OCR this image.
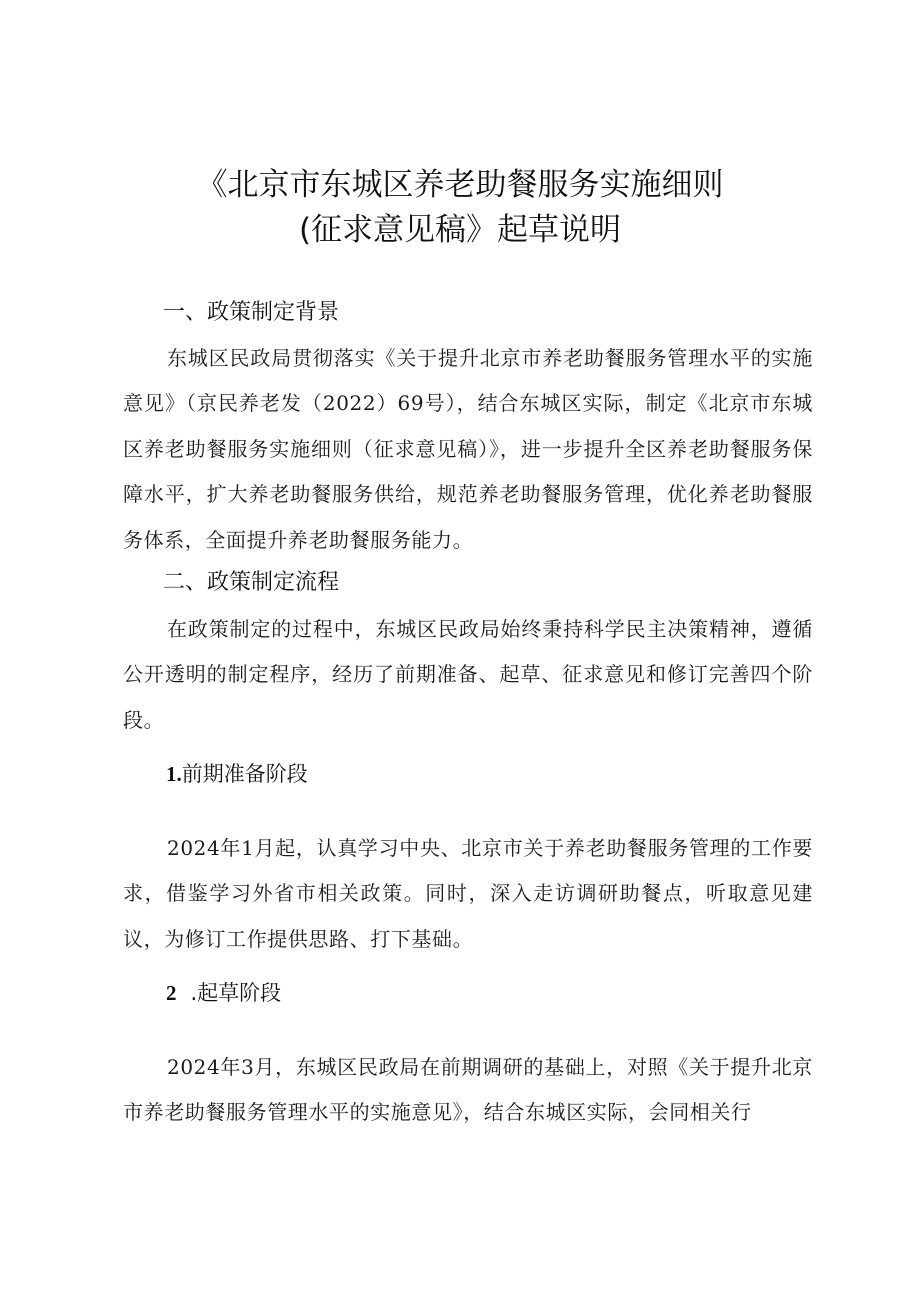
《北京市东城区养老助餐服务实施细则
(征求意见稿》起草说明
一、政策制定背景

东城区民政局贯彻落实《关于提升北京市养老助餐服务管理水平的实施意见》（京民养老发（2022）69号），结合东城区实际，制定《北京市东城区养老助餐服务实施细则（征求意见稿）》，进一步提升全区养老助餐服务保障水平，扩大养老助餐服务供给，规范养老助餐服务管理，优化养老助餐服务体系，全面提升养老助餐服务能力。

二、政策制定流程

在政策制定的过程中，东城区民政局始终秉持科学民主决策精神，遵循公开透明的制定程序，经历了前期准备、起草、征求意见和修订完善四个阶段。

1.前期准备阶段

2024年1月起，认真学习中央、北京市关于养老助餐服务管理的工作要求，借鉴学习外省市相关政策。同时，深入走访调研助餐点，听取意见建议，为修订工作提供思路、打下基础。

2 .起草阶段

2024年3月，东城区民政局在前期调研的基础上，对照《关于提升北京市养老助餐服务管理水平的实施意见》，结合东城区实际，会同相关行
